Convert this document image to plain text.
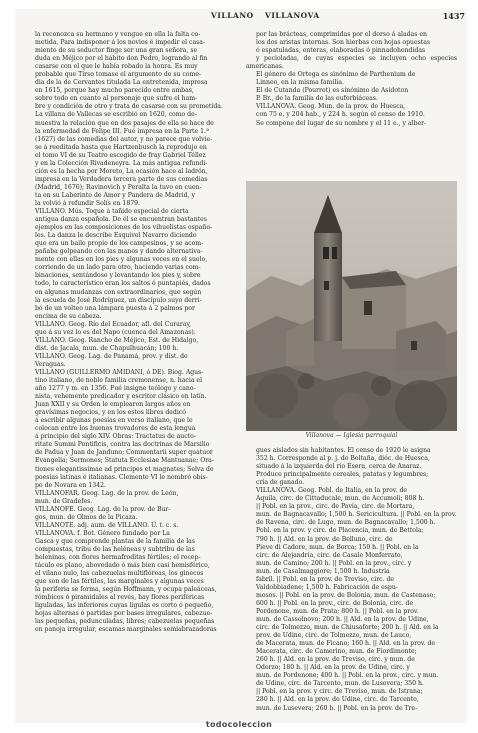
VILLANO VILLANOVA	1437

la reconozca su hermano y vengue en ella la falta co-

metida. Para indisponer á los novios é impedir el casa-

miento de su seductor finge ser una gran señora, se

duda en Méjico por el hábito don Pedro, logrando al fin

casarse con el que le había robado la honra. Es muy

probable que Tirso tomase el argumento de su come-

dia de la de Cervantes titulada La entretenida, impresa

en 1615, porque hay mucho parecido entre ambas,

sobre todo en cuanto al personaje que sufre el ham-

bre y condición de otro y trata de casarse con su prometida.

La villana de Vallecas se escribió en 1620, como de-

muestra la relación que en dos pasajes de ella se hace de

la enfermedad de Felipe III. Fué impresa en la Parte 1.ª

(1627) de las comedias del autor, y no parece que volvie-

se á reeditada hasta que Hartzenbusch la reprodujo en

el tomo VI de su Teatro escogido de fray Gabriel Téllez

y en la Colección Rivadeneyra. La más antigua refundi-

ción es la hecha por Moreto, La ocasión hace al ladrón,

impresa en la Verdadera tercera parte de sus comedias

(Madrid, 1676); Ravinovich y Peralta la tuvo en cuen-

ta en su Laberinto de Amor y Pandera de Madrid, y

la volvió á refundir Solís en 1879.

VILLANO. Mús. Toque á tañido especial de cierta

antigua danza española. De él se encuentran bastantes

ejemplos en las composiciones de los vihuelistas españo-

les. La danza le describe Esquivel Navarro diciendo

que era un baile propio de los campesinos, y se acom-

pañaba golpeando con las manos y dando alternativa-

mente con ellas en los pies y algunas veces en el suelo,

corriendo de un lado para otro, haciendo varias com-

binaciones, sentándose y levantando los pies y, sobre

todo, lo característico eran los saltos ó puntapiés, dados

en algunas mudanzas con extraordinarios, que según

la escuela de José Rodríguez, un discípulo suyo derri-

bó de un volteo una lámpara puesta á 2 palmos por

encima de su cabeza.

VILLANO. Geog. Río del Ecuador, afl. del Curaray,

que á su vez lo es del Napo (cuenca del Amazonas).

VILLANO. Geog. Rancho de Méjico, Est. de Hidalgo,

dist. de Jacala, mun. de Chapulhuacán; 100 h.

VILLANO. Geog. Lag. de Panamá, prov. y dist. de

Veraguas.

VILLANO (GUILLERMO AMIDANI, ó DE). Biog. Agus-

tino italiano, de noble familia cremonense, n. hacia el

año 1277 y m. en 1356. Fué insigne teólogo y cano-

nista, vehemente predicador y escritor clásico en latín.

Juan XXII y su Orden le emplearon largos años en

gravísimas negocios, y en los estos libres dedicó

á escribir algunas poesías en verso italiano, que le

colocan entre los buenos trovadores de esta lengua

á principio del siglo XIV. Obras: Tractatus de aucto-

ritate Summi Pontificis, contra las doctrinas de Marsilio

de Padua y Juan de Janduno; Commentarii super quatuor

Evangelia; Sermones; Statuta Ecclesiae Mantuanae; Ora-

tiones elegantissimae ad principes et magnates; Selva de

poesías latinas é italianas. Clemente VI le nombró obis-

po de Novara en 1342.

VILLANOFAR. Geog. Lag. de la prov. de León,

mun. de Gradefes.

VILLANOFE. Geog. Lag. de la prov. de Bur-

gos, mun. de Olmos de la Picaza.

VILLANOTE. adj. aum. de VILLANO. Ú. t. c. s.

VILLANOVA. f. Bot. Género fundado por La

Gasca y que comprende plantas de la familia de las

compuestas, tribu de las heléneas y subtribu de las

heleninas, con flores hermafroditas fértiles; el recep-

táculo es plano, abovedado ó más bien casi hemisférico,

el vilano nulo, las cabezuelas multiflóreas, los ginecos

que son de las fértiles, las marginales y algunas veces

la periferia se forma, según Hoffmann, y ocupa paleáceas,

rómbicos ó piramidales al revés, hay flores periféricas

liguladas, las inferiores cuyas lígulas es corto ó pequeño,

hojas alternas ó partidas por bases irregulares, cabezue-

las pequeñas, pedunculadas, libres; cabezuelas pequeñas

en panoja irregular, escamas marginales semiabrazadoras

por las brácteas, comprimidas por el dorso á aladas en

los dos aristas internas. Son hierbas con hojas opuestas

ó espatuladas, enteras, elaboradas ó pinnadohendidas

y pecioladas, de cuyas especies se incluyen ocho especies americanas.

El género de Ortega es sinónimo de Parthenium de

Linneo, en la misma familia.

El de Cutanda (Pourret) es sinónimo de Asidoton

P. Br., de la familia de las euforbiáceas.

VILLANOVA. Geog. Mun. de la prov. de Huesca,

con 75 e. y 204 hab., y 224 h. según el censo de 1910.

Se compone del lugar de su nombre y el 11 e., y alber-

Villanova — Iglesia parroquial

gues aislados sin habitantes. El censo de 1920 le asigna

352 h. Corresponde al p. j. de Boltaña, dióc. de Huesca,

situado á la izquierda del río Esera, cerca de Anaraz.

Produce principalmente cereales, patatas y legumbres;

cría de ganado.

VILLANOVA. Geog. Pobl. de Italia, en la prov. de

Aquila, circ. de Cittaducale, mun. de Accumoli; 808 h.

|| Pobl. en la prov., circ. de Pavía, circ. de Mortara,

mun. de Bagnacavallo; 1,500 h. Sericicultura. || Pobl. en la prov.

de Ravena, circ. de Lugo, mun. de Bagnacavallo; 1,500 h.

Pobl. en la prov. y circ. de Placencia, mun. de Bettola;

790 h. || Ald. en la prov. de Belluno, circ. de

Pieve di Cadore, mun. de Borca; 150 h. || Pobl. en la

circ. de Alejandría, circ. de Casale Monferrato,

mun. de Camino; 200 h. || Pobl. en la prov., circ. y

mun. de Casalmaggiore; 1,500 h. Industria

fabril. || Pobl. en la prov. de Treviso, circ. de

Valdobbiadene; 1,500 h. Fabricación de espu-

mosos. || Pobl. en la prov. de Bolonia, mun. de Castenaso;

600 h. || Pobl. en la prov., circ. de Bolonia, circ. de

Pordenone, mun. de Prata; 800 h. || Pobl. en la prov.

mun. de Cassolnovo; 200 h. || Ald. en la prov. de Udine,

circ. de Tolmezzo, mun. de Chiusaforte; 200 h. || Ald. en la

prov. de Udine, circ. de Tolmezzo, mun. de Lauco,

de Macerata, mun. de Ficano; 160 h. || Ald. en la prov. de

Macerata, circ. de Camerino, mun. de Fiordimonte;

260 h. || Ald. en la prov. de Treviso, circ. y mun. de

Oderzo; 180 h. || Ald. en la prov. de Udine, circ. y

mun. de Pordenone; 400 h. || Pobl. en la prov., circ. y mun.

de Udine, circ. de Tarcento, mun. de Lusevera; 350 h.

|| Pobl. en la prov. y circ. de Treviso, mun. de Istrana;

280 h. || Ald. en la prov. de Udine, circ. de Tarcento,

mun. de Lusevera; 260 h. || Pobl. en la prov. de Tre-

todocoleccion
